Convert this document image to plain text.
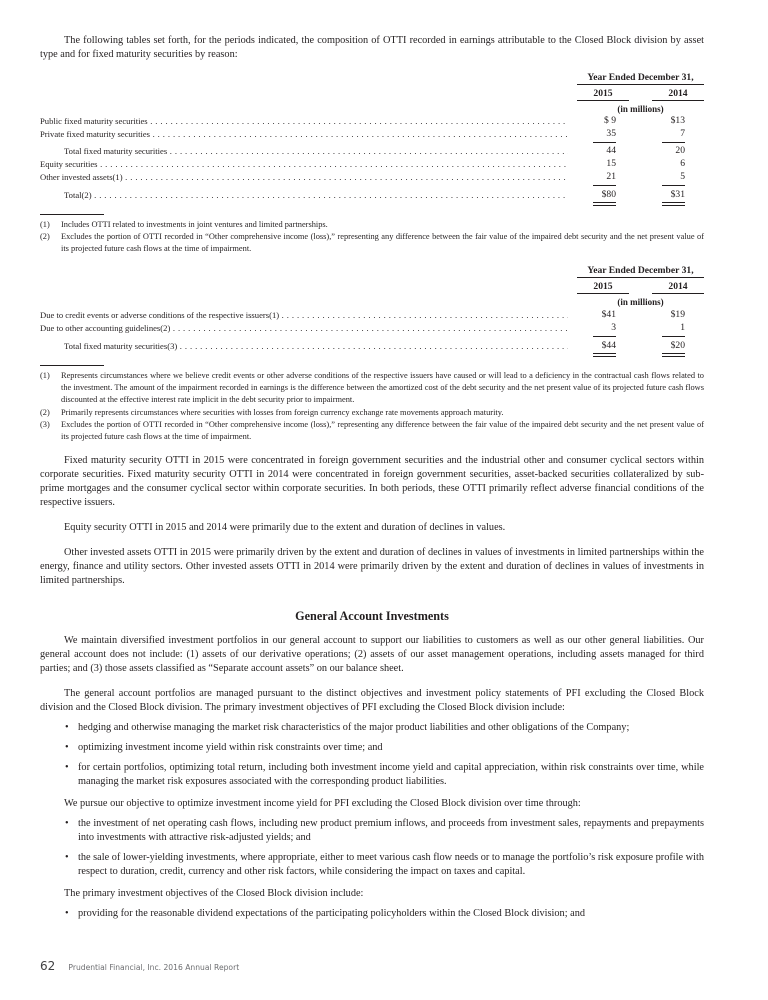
The following tables set forth, for the periods indicated, the composition of OTTI recorded in earnings attributable to the Closed Block division by asset type and for fixed maturity securities by reason:

Year Ended December 31,
2015	2014
(in millions)
Public fixed maturity securities . . .	$ 9	$13
Private fixed maturity securities . . .	35	7
Total fixed maturity securities . . .	44	20
Equity securities . . .	15	6
Other invested assets(1) . . .	21	5
Total(2) . . .	$80	$31
(1)	Includes OTTI related to investments in joint ventures and limited partnerships.
(2)	Excludes the portion of OTTI recorded in “Other comprehensive income (loss),” representing any difference between the fair value of the impaired debt security and the net present value of its projected future cash flows at the time of impairment.
Year Ended December 31,
2015	2014
(in millions)
Due to credit events or adverse conditions of the respective issuers(1) . . .	$41	$19
Due to other accounting guidelines(2) . . .	3	1
Total fixed maturity securities(3) . . .	$44	$20
(1)	Represents circumstances where we believe credit events or other adverse conditions of the respective issuers have caused or will lead to a deficiency in the contractual cash flows related to the investment. The amount of the impairment recorded in earnings is the difference between the amortized cost of the debt security and the net present value of its projected future cash flows discounted at the effective interest rate implicit in the debt security prior to impairment.
(2)	Primarily represents circumstances where securities with losses from foreign currency exchange rate movements approach maturity.
(3)	Excludes the portion of OTTI recorded in “Other comprehensive income (loss),” representing any difference between the fair value of the impaired debt security and the net present value of its projected future cash flows at the time of impairment.

Fixed maturity security OTTI in 2015 were concentrated in foreign government securities and the industrial other and consumer cyclical sectors within corporate securities. Fixed maturity security OTTI in 2014 were concentrated in foreign government securities, asset-backed securities collateralized by sub-prime mortgages and the consumer cyclical sector within corporate securities. In both periods, these OTTI primarily reflect adverse financial conditions of the respective issuers.

Equity security OTTI in 2015 and 2014 were primarily due to the extent and duration of declines in values.

Other invested assets OTTI in 2015 were primarily driven by the extent and duration of declines in values of investments in limited partnerships within the energy, finance and utility sectors. Other invested assets OTTI in 2014 were primarily driven by the extent and duration of declines in values of investments in limited partnerships.

General Account Investments

We maintain diversified investment portfolios in our general account to support our liabilities to customers as well as our other general liabilities. Our general account does not include: (1) assets of our derivative operations; (2) assets of our asset management operations, including assets managed for third parties; and (3) those assets classified as “Separate account assets” on our balance sheet.

The general account portfolios are managed pursuant to the distinct objectives and investment policy statements of PFI excluding the Closed Block division and the Closed Block division. The primary investment objectives of PFI excluding the Closed Block division include:

• hedging and otherwise managing the market risk characteristics of the major product liabilities and other obligations of the Company;
• optimizing investment income yield within risk constraints over time; and
• for certain portfolios, optimizing total return, including both investment income yield and capital appreciation, within risk constraints over time, while managing the market risk exposures associated with the corresponding product liabilities.

We pursue our objective to optimize investment income yield for PFI excluding the Closed Block division over time through:

• the investment of net operating cash flows, including new product premium inflows, and proceeds from investment sales, repayments and prepayments into investments with attractive risk-adjusted yields; and
• the sale of lower-yielding investments, where appropriate, either to meet various cash flow needs or to manage the portfolio’s risk exposure profile with respect to duration, credit, currency and other risk factors, while considering the impact on taxes and capital.

The primary investment objectives of the Closed Block division include:

• providing for the reasonable dividend expectations of the participating policyholders within the Closed Block division; and
62 Prudential Financial, Inc. 2016 Annual Report
